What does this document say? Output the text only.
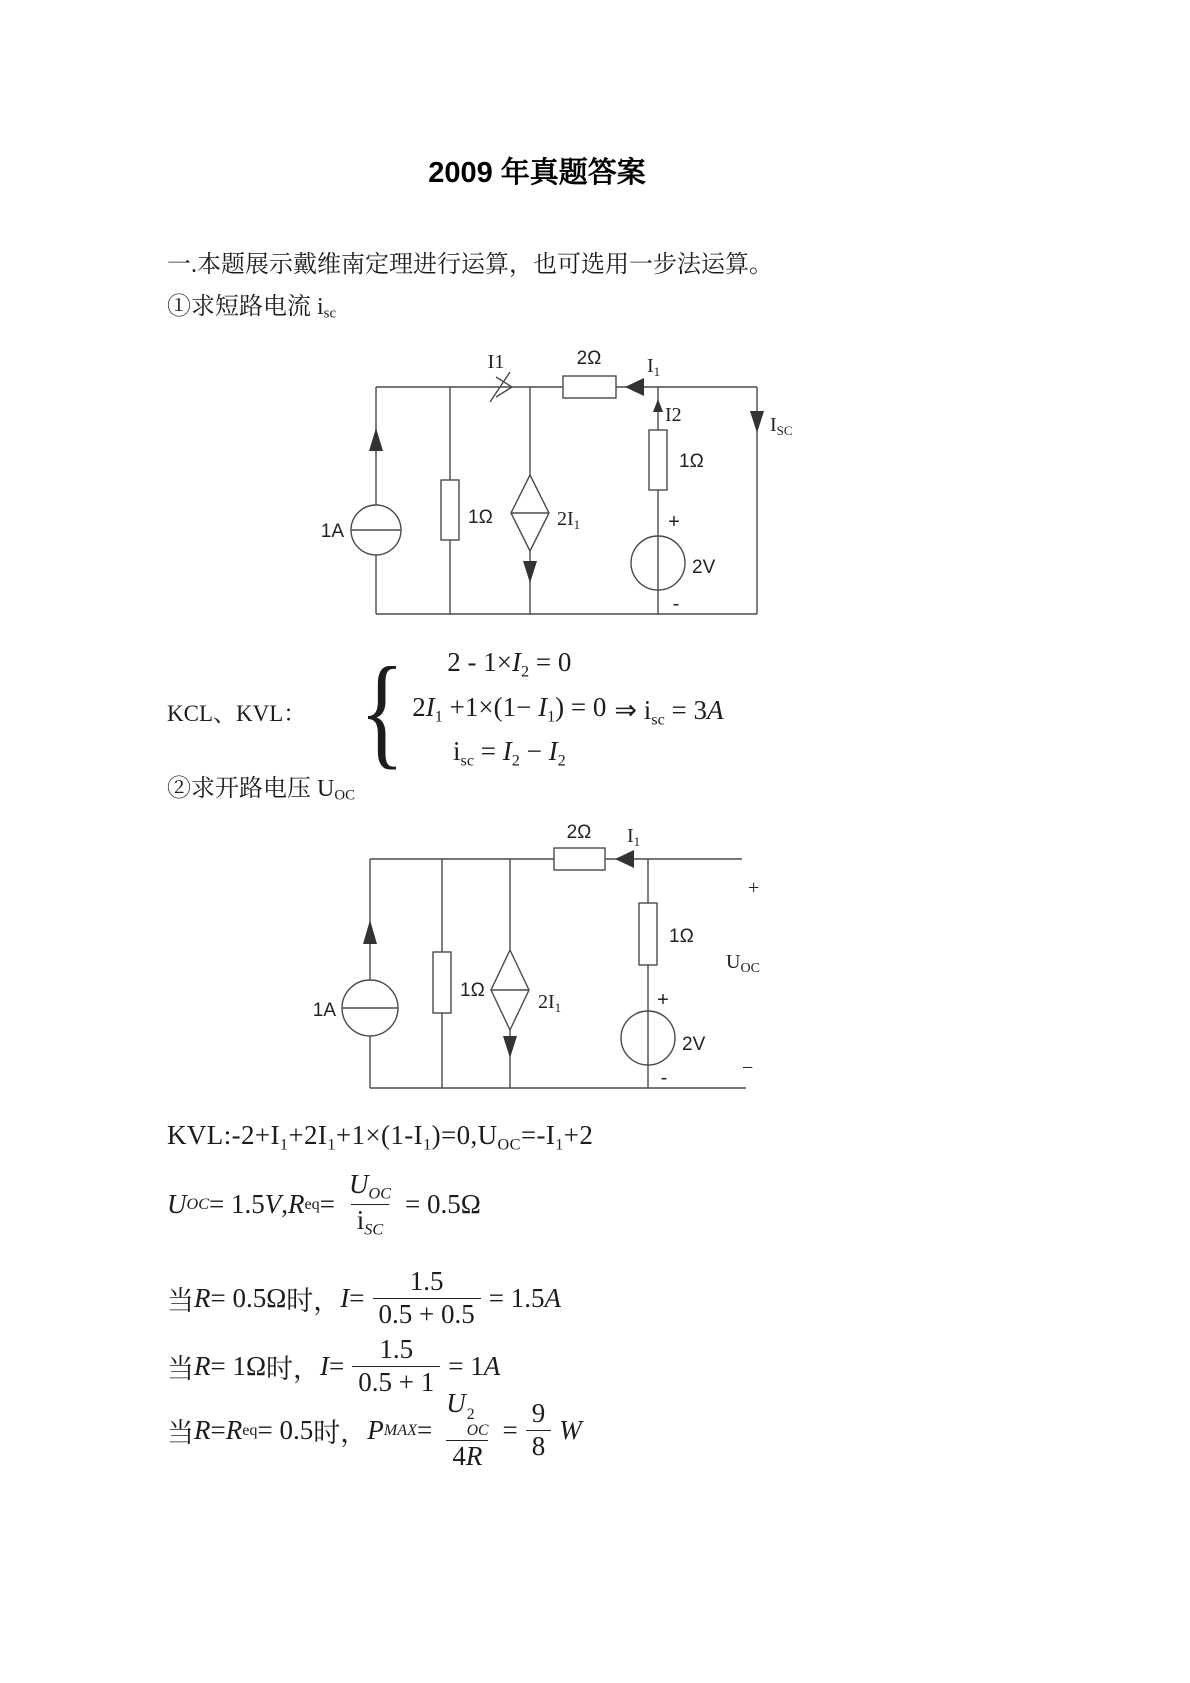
2009 年真题答案
一.本题展示戴维南定理进行运算，也可选用一步法运算。
①求短路电流 isc
1A
1Ω
I1
$2I_1$
2Ω $I_1$
I2
1Ω
+
2V
-
$I_{SC}$
KCL、KVL： { $2 - 1\times I_2 = 0$
$2I_1 +1\times(1- I_1) = 0$
$i_{sc} = I_2 - I_2$
⇒ $i_{sc} = 3A$
②求开路电压 UOC
1A
1Ω
$2I_1$
2Ω $I_1$
1Ω
+
2V
-
+
$U_{OC}$
−
$KVL:-2+I_1+2I_1+1\times(1-I_1)=0,U_{OC}=-I_1+2$
U OC = 1.5 V , R eq = $\frac{U_{OC}}{i_{SC}} = 0.5\Omega$
当 R = 0.5Ω 时， $I = \frac{1.5}{0.5 + 0.5} = 1.5$ A
当 R = 1Ω 时， $I = \frac{1.5}{0.5 + 1} = 1$ A
当 R = R eq = 0.5 时， P MAX = U 2
OC
$4R = \frac{9}{8}$ W
